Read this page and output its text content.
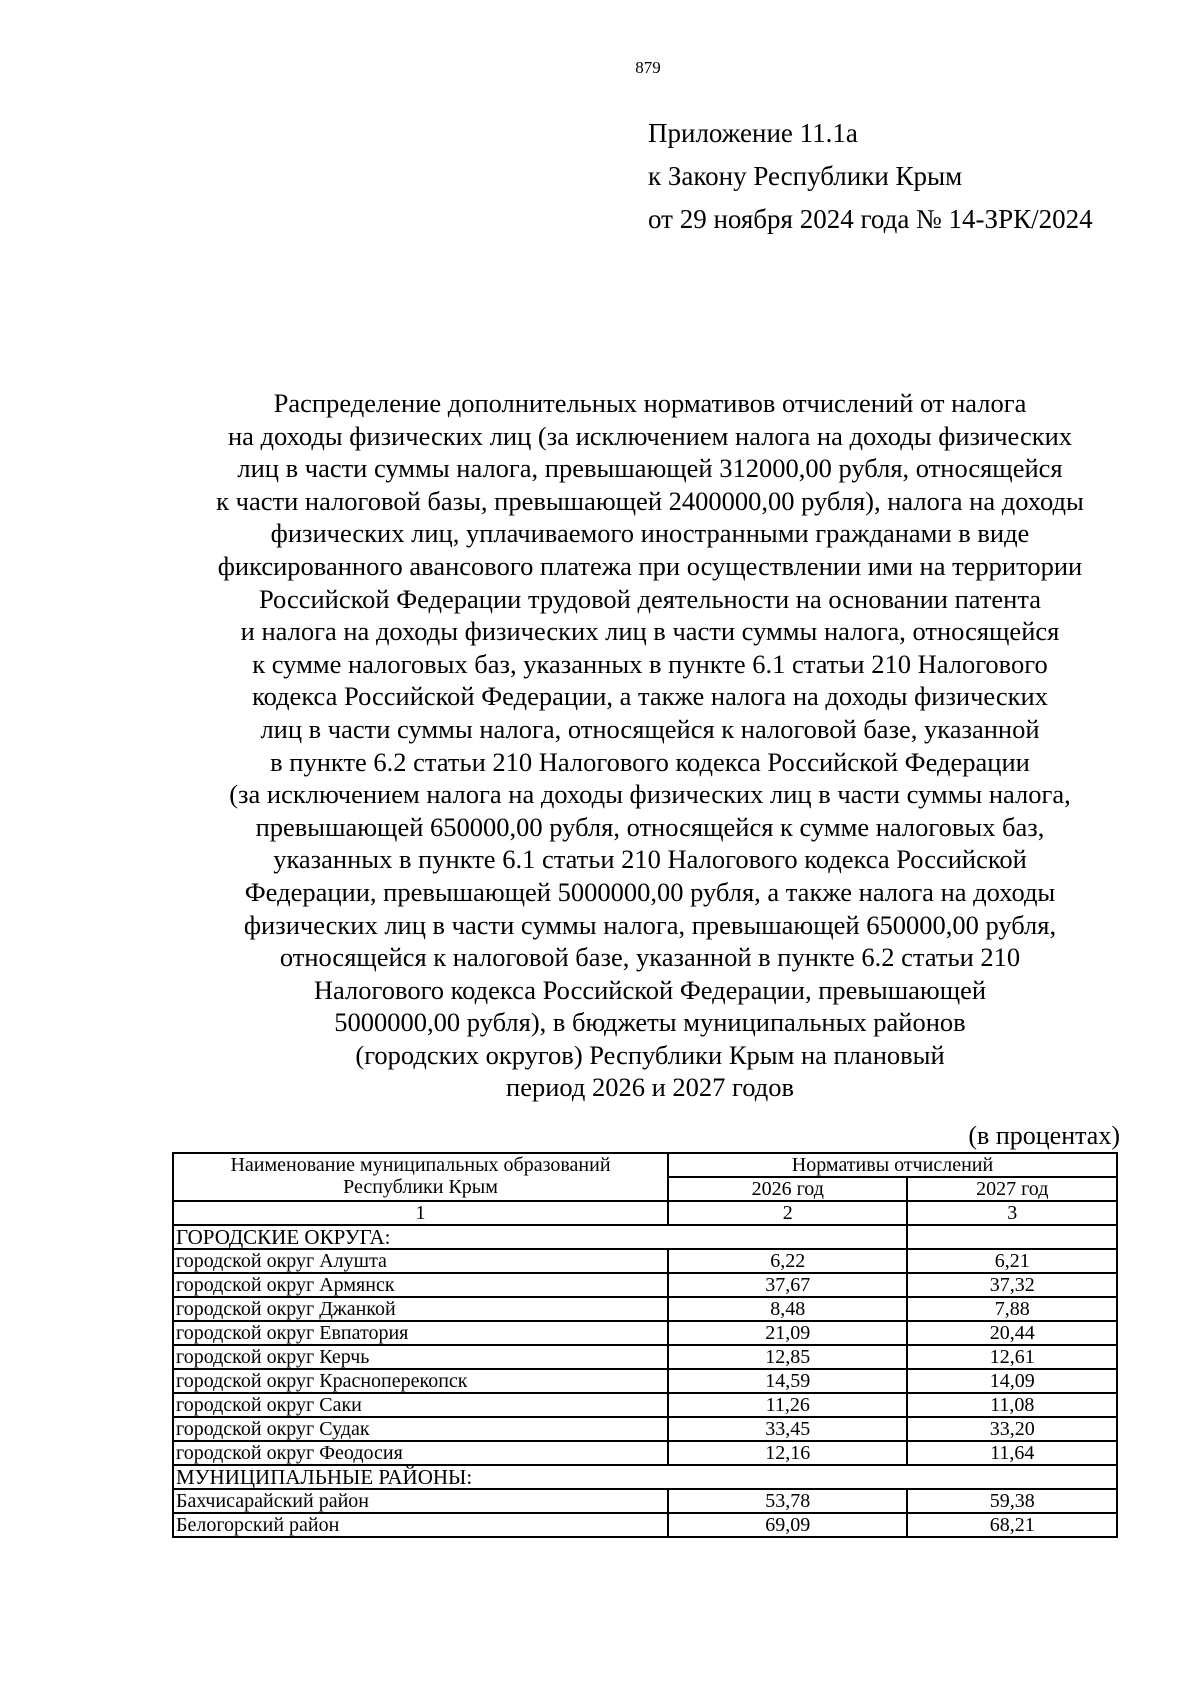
879
Приложение 11.1а
к Закону Республики Крым
от 29 ноября 2024 года № 14-ЗРК/2024
Распределение дополнительных нормативов отчислений от налога
на доходы физических лиц (за исключением налога на доходы физических
лиц в части суммы налога, превышающей 312000,00 рубля, относящейся
к части налоговой базы, превышающей 2400000,00 рубля), налога на доходы
физических лиц, уплачиваемого иностранными гражданами в виде
фиксированного авансового платежа при осуществлении ими на территории
Российской Федерации трудовой деятельности на основании патента
и налога на доходы физических лиц в части суммы налога, относящейся
к сумме налоговых баз, указанных в пункте 6.1 статьи 210 Налогового
кодекса Российской Федерации, а также налога на доходы физических
лиц в части суммы налога, относящейся к налоговой базе, указанной
в пункте 6.2 статьи 210 Налогового кодекса Российской Федерации
(за исключением налога на доходы физических лиц в части суммы налога,
превышающей 650000,00 рубля, относящейся к сумме налоговых баз,
указанных в пункте 6.1 статьи 210 Налогового кодекса Российской
Федерации, превышающей 5000000,00 рубля, а также налога на доходы
физических лиц в части суммы налога, превышающей 650000,00 рубля,
относящейся к налоговой базе, указанной в пункте 6.2 статьи 210
Налогового кодекса Российской Федерации, превышающей
5000000,00 рубля), в бюджеты муниципальных районов
(городских округов) Республики Крым на плановый
период 2026 и 2027 годов
(в процентах)
Наименование муниципальных образований
Республики Крым	Нормативы отчислений	
	2026 год	2027 год
1	2	3
ГОРОДСКИЕ ОКРУГА:		
городской округ Алушта	6,22	6,21
городской округ Армянск	37,67	37,32
городской округ Джанкой	8,48	7,88
городской округ Евпатория	21,09	20,44
городской округ Керчь	12,85	12,61
городской округ Красноперекопск	14,59	14,09
городской округ Саки	11,26	11,08
городской округ Судак	33,45	33,20
городской округ Феодосия	12,16	11,64
МУНИЦИПАЛЬНЫЕ РАЙОНЫ:		
Бахчисарайский район	53,78	59,38
Белогорский район	69,09	68,21
